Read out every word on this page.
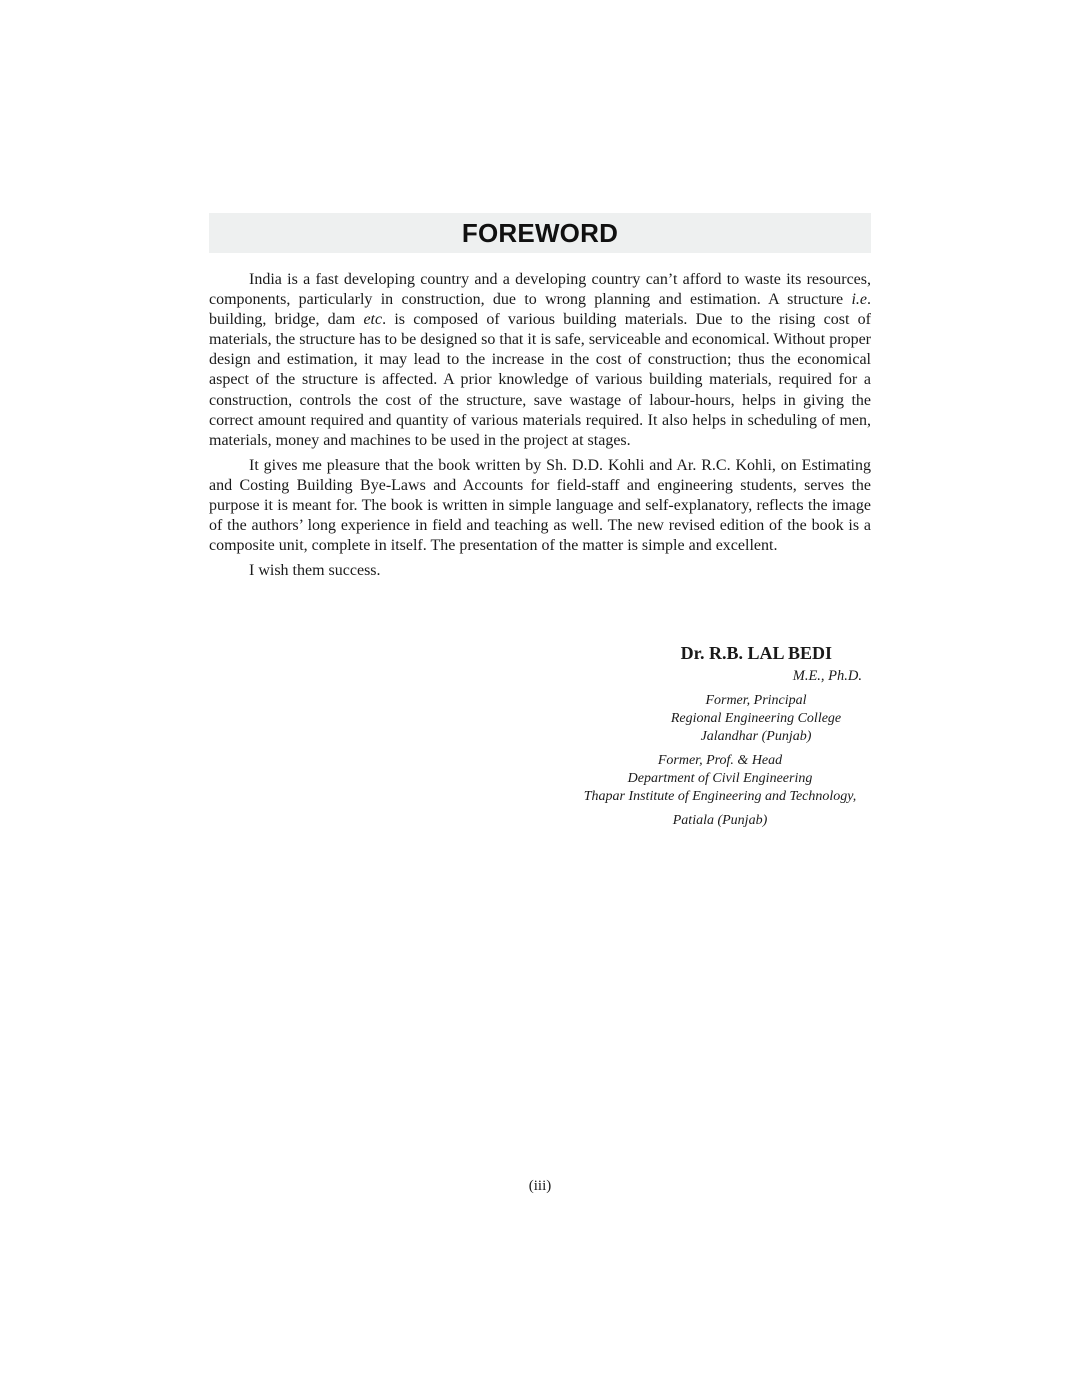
FOREWORD

India is a fast developing country and a developing country can’t afford to waste its resources, components, particularly in construction, due to wrong planning and estimation. A structure i.e. building, bridge, dam etc. is composed of various building materials. Due to the rising cost of materials, the structure has to be designed so that it is safe, serviceable and economical. Without proper design and estimation, it may lead to the increase in the cost of construction; thus the economical aspect of the structure is affected. A prior knowledge of various building materials, required for a construction, controls the cost of the structure, save wastage of labour-hours, helps in giving the correct amount required and quantity of various materials required. It also helps in scheduling of men, materials, money and machines to be used in the project at stages.

It gives me pleasure that the book written by Sh. D.D. Kohli and Ar. R.C. Kohli, on Estimating and Costing Building Bye-Laws and Accounts for field-staff and engineering students, serves the purpose it is meant for. The book is written in simple language and self-explanatory, reflects the image of the authors’ long experience in field and teaching as well. The new revised edition of the book is a composite unit, complete in itself. The presentation of the matter is simple and excellent.

I wish them success.

Dr. R.B. LAL BEDI
M.E., Ph.D.
Former, Principal
Regional Engineering College
Jalandhar (Punjab)
Former, Prof. & Head
Department of Civil Engineering
Thapar Institute of Engineering and Technology,
Patiala (Punjab)
(iii)
